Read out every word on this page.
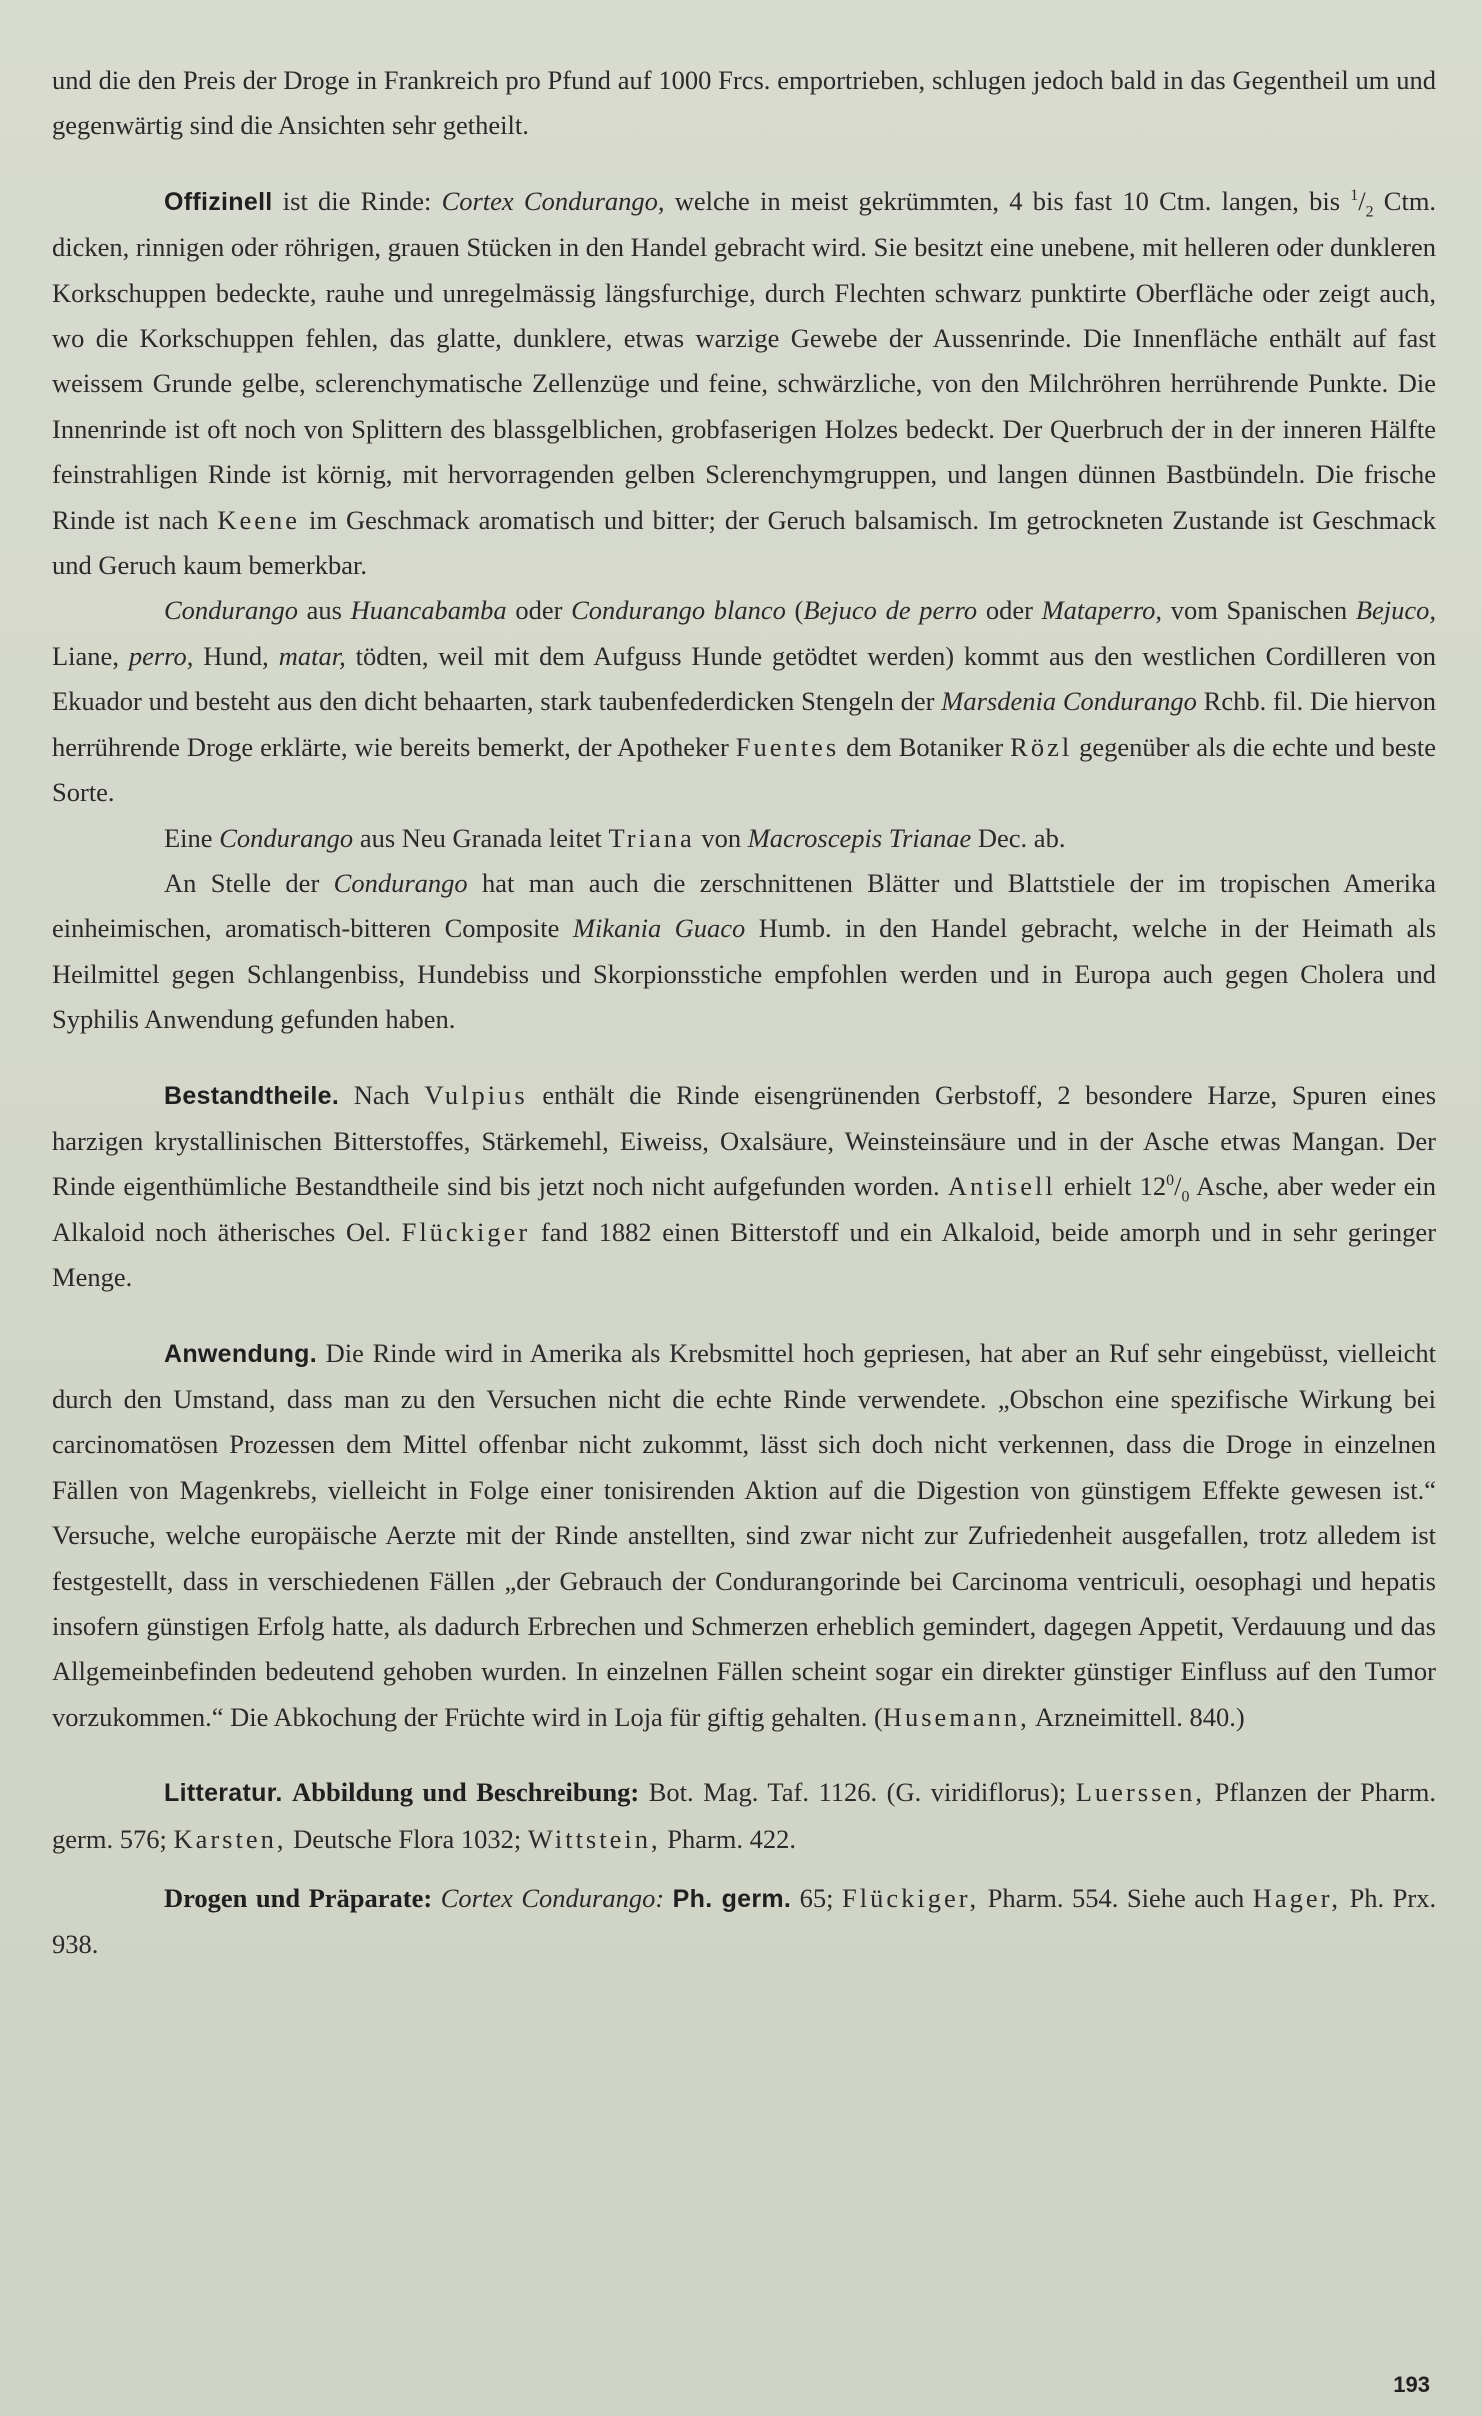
und die den Preis der Droge in Frankreich pro Pfund auf 1000 Frcs. emportrieben, schlugen jedoch bald in das Gegentheil um und gegenwärtig sind die Ansichten sehr getheilt.

Offizinell ist die Rinde: Cortex Condurango, welche in meist gekrümmten, 4 bis fast 10 Ctm. langen, bis $^1/_2$ Ctm. dicken, rinnigen oder röhrigen, grauen Stücken in den Handel gebracht wird. Sie besitzt eine unebene, mit helleren oder dunkleren Korkschuppen bedeckte, rauhe und unregelmässig längsfurchige, durch Flechten schwarz punktirte Oberfläche oder zeigt auch, wo die Korkschuppen fehlen, das glatte, dunklere, etwas warzige Gewebe der Aussenrinde. Die Innenfläche enthält auf fast weissem Grunde gelbe, sclerenchymatische Zellenzüge und feine, schwärzliche, von den Milchröhren herrührende Punkte. Die Innenrinde ist oft noch von Splittern des blassgelblichen, grobfaserigen Holzes bedeckt. Der Querbruch der in der inneren Hälfte feinstrahligen Rinde ist körnig, mit hervorragenden gelben Sclerenchymgruppen, und langen dünnen Bastbündeln. Die frische Rinde ist nach Keene im Geschmack aromatisch und bitter; der Geruch balsamisch. Im getrockneten Zustande ist Geschmack und Geruch kaum bemerkbar.

Condurango aus Huancabamba oder Condurango blanco (Bejuco de perro oder Mataperro, vom Spanischen Bejuco, Liane, perro, Hund, matar, tödten, weil mit dem Aufguss Hunde getödtet werden) kommt aus den westlichen Cordilleren von Ekuador und besteht aus den dicht behaarten, stark taubenfederdicken Stengeln der Marsdenia Condurango Rchb. fil. Die hiervon herrührende Droge erklärte, wie bereits bemerkt, der Apotheker Fuentes dem Botaniker Rözl gegenüber als die echte und beste Sorte.

Eine Condurango aus Neu Granada leitet Triana von Macroscepis Trianae Dec. ab.

An Stelle der Condurango hat man auch die zerschnittenen Blätter und Blattstiele der im tropischen Amerika einheimischen, aromatisch-bitteren Composite Mikania Guaco Humb. in den Handel gebracht, welche in der Heimath als Heilmittel gegen Schlangenbiss, Hundebiss und Skorpionsstiche empfohlen werden und in Europa auch gegen Cholera und Syphilis Anwendung gefunden haben.

Bestandtheile. Nach Vulpius enthält die Rinde eisengrünenden Gerbstoff, 2 besondere Harze, Spuren eines harzigen krystallinischen Bitterstoffes, Stärkemehl, Eiweiss, Oxalsäure, Weinsteinsäure und in der Asche etwas Mangan. Der Rinde eigenthümliche Bestandtheile sind bis jetzt noch nicht aufgefunden worden. Antisell erhielt $12^0/_0$ Asche, aber weder ein Alkaloid noch ätherisches Oel. Flückiger fand 1882 einen Bitterstoff und ein Alkaloid, beide amorph und in sehr geringer Menge.

Anwendung. Die Rinde wird in Amerika als Krebsmittel hoch gepriesen, hat aber an Ruf sehr eingebüsst, vielleicht durch den Umstand, dass man zu den Versuchen nicht die echte Rinde verwendete. „Obschon eine spezifische Wirkung bei carcinomatösen Prozessen dem Mittel offenbar nicht zukommt, lässt sich doch nicht verkennen, dass die Droge in einzelnen Fällen von Magenkrebs, vielleicht in Folge einer tonisirenden Aktion auf die Digestion von günstigem Effekte gewesen ist.“ Versuche, welche europäische Aerzte mit der Rinde anstellten, sind zwar nicht zur Zufriedenheit ausgefallen, trotz alledem ist festgestellt, dass in verschiedenen Fällen „der Gebrauch der Condurangorinde bei Carcinoma ventriculi, oesophagi und hepatis insofern günstigen Erfolg hatte, als dadurch Erbrechen und Schmerzen erheblich gemindert, dagegen Appetit, Verdauung und das Allgemeinbefinden bedeutend gehoben wurden. In einzelnen Fällen scheint sogar ein direkter günstiger Einfluss auf den Tumor vorzukommen.“ Die Abkochung der Früchte wird in Loja für giftig gehalten. (Husemann, Arzneimittell. 840.)

Litteratur. Abbildung und Beschreibung: Bot. Mag. Taf. 1126. (G. viridiflorus); Luerssen, Pflanzen der Pharm. germ. 576; Karsten, Deutsche Flora 1032; Wittstein, Pharm. 422.

Drogen und Präparate: Cortex Condurango: Ph. germ. 65; Flückiger, Pharm. 554. Siehe auch Hager, Ph. Prx. 938.

193
